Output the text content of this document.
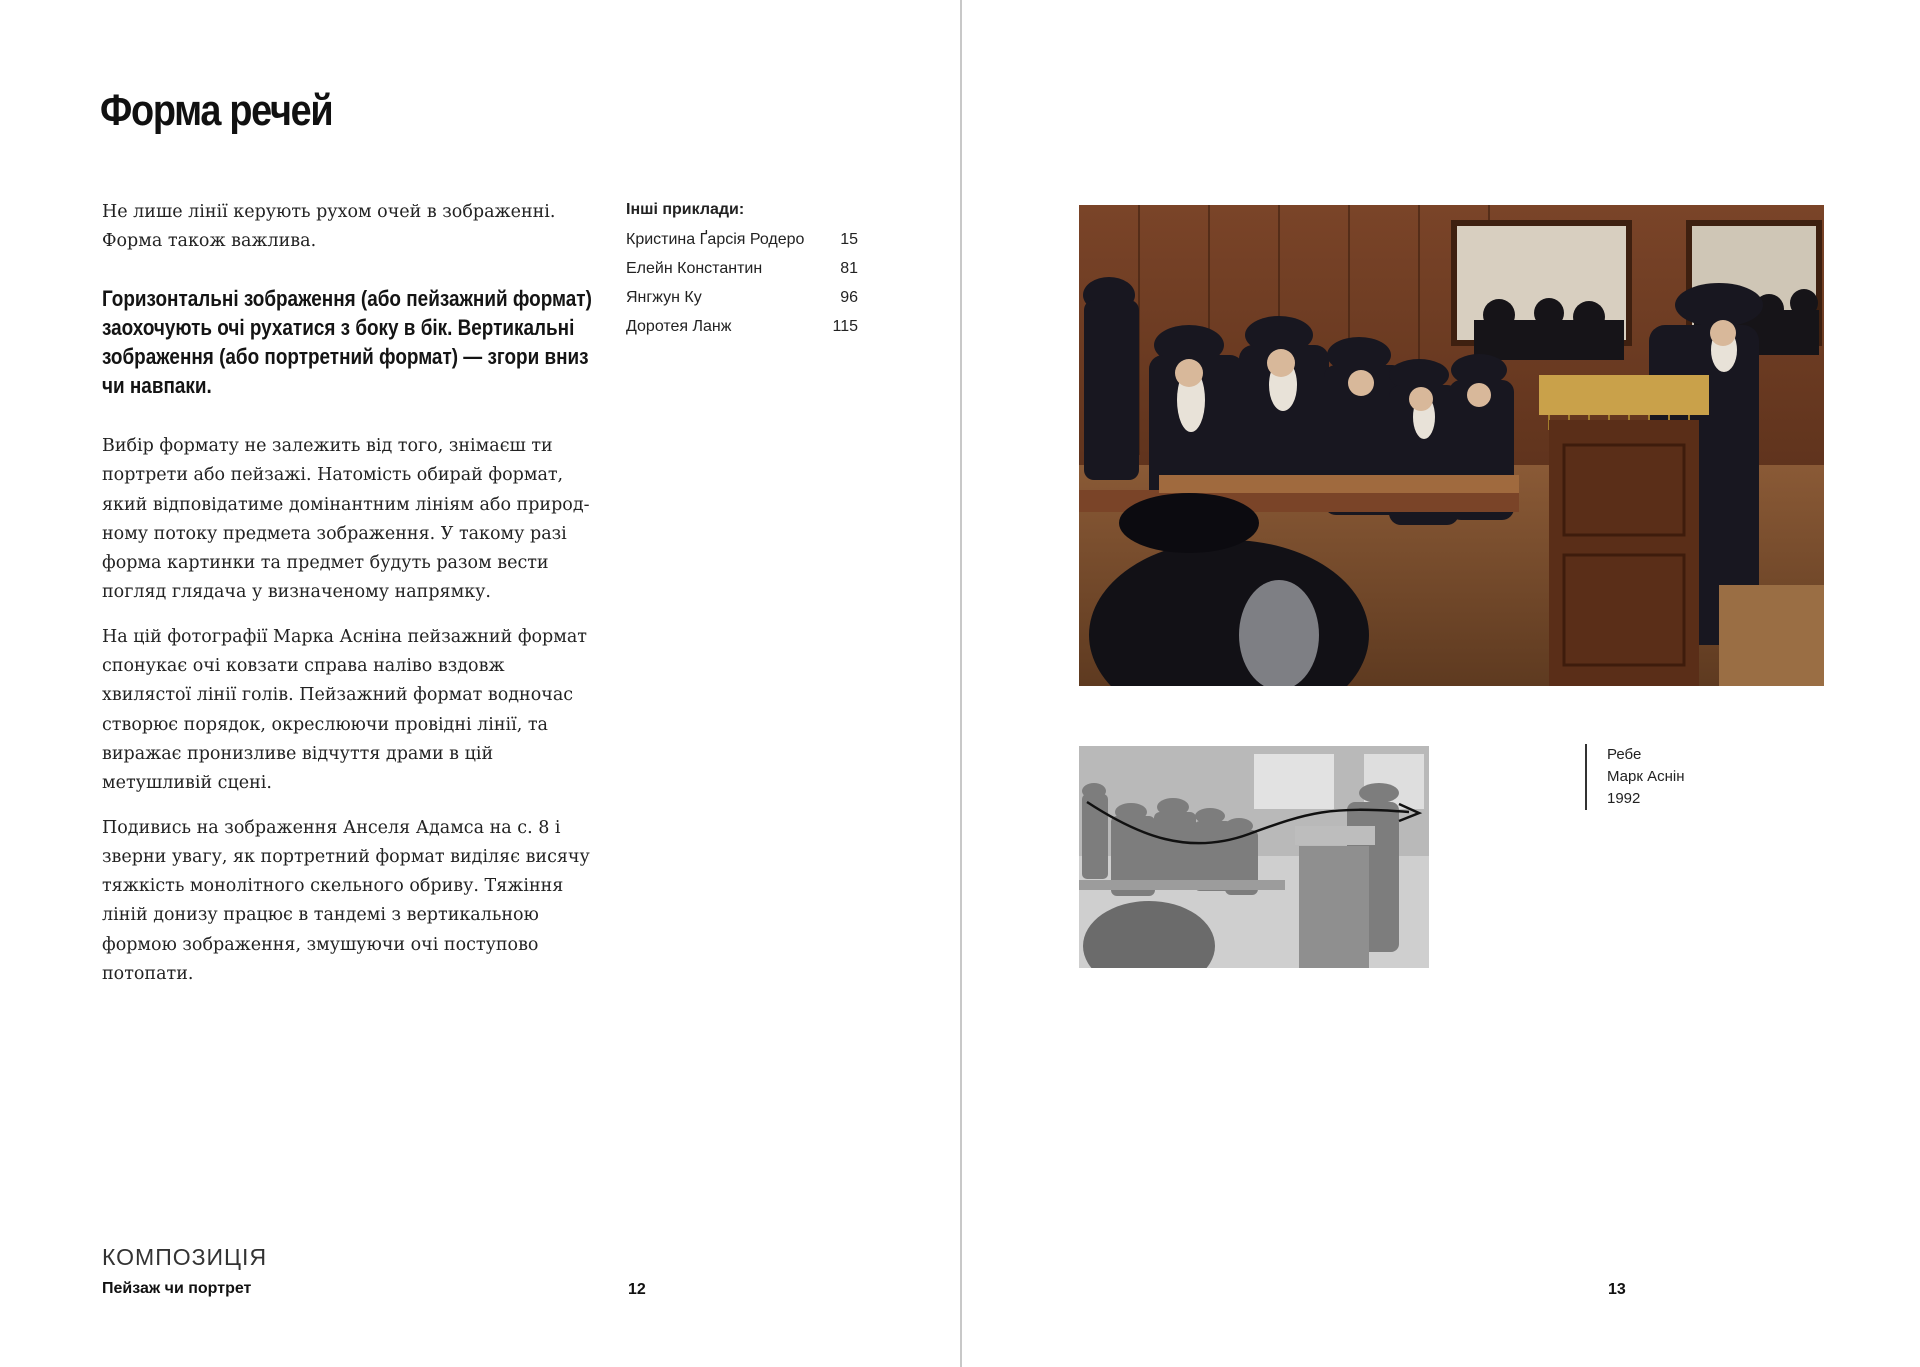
Форма речей

Не лише лінії керують рухом очей в зображенні. Форма також важлива.

Горизонтальні зображення (або пейзажний формат) заохочують очі рухатися з боку в бік. Вертикальні зображення (або портретний формат) — згори вниз чи навпаки.

Вибір формату не залежить від того, знімаєш ти портрети або пейзажі. Натомість обирай формат, який відповідатиме домінантним лініям або природ-ному потоку предмета зображення. У такому разі форма картинки та предмет будуть разом вести погляд глядача у визначеному напрямку.

На цій фотографії Марка Асніна пейзажний формат спонукає очі ковзати справа наліво вздовж хвилястої лінії голів. Пейзажний формат водночас створює порядок, окреслюючи провідні лінії, та виражає пронизливе відчуття драми в цій метушливій сцені.

Подивись на зображення Анселя Адамса на с. 8 і зверни увагу, як портретний формат виділяє висячу тяжкість монолітного скельного обриву. Тяжіння ліній донизу працює в тандемі з вертикальною формою зображення, змушуючи очі поступово потопати.

Інші приклади:
Кристина Ґарсія Родеро 15
Елейн Константин	81
Янгжун Ку	96
Доротея Ланж	115
КОМПОЗИЦІЯ
Пейзаж чи портрет	12
Ребе
Марк Аснін
1992
13
